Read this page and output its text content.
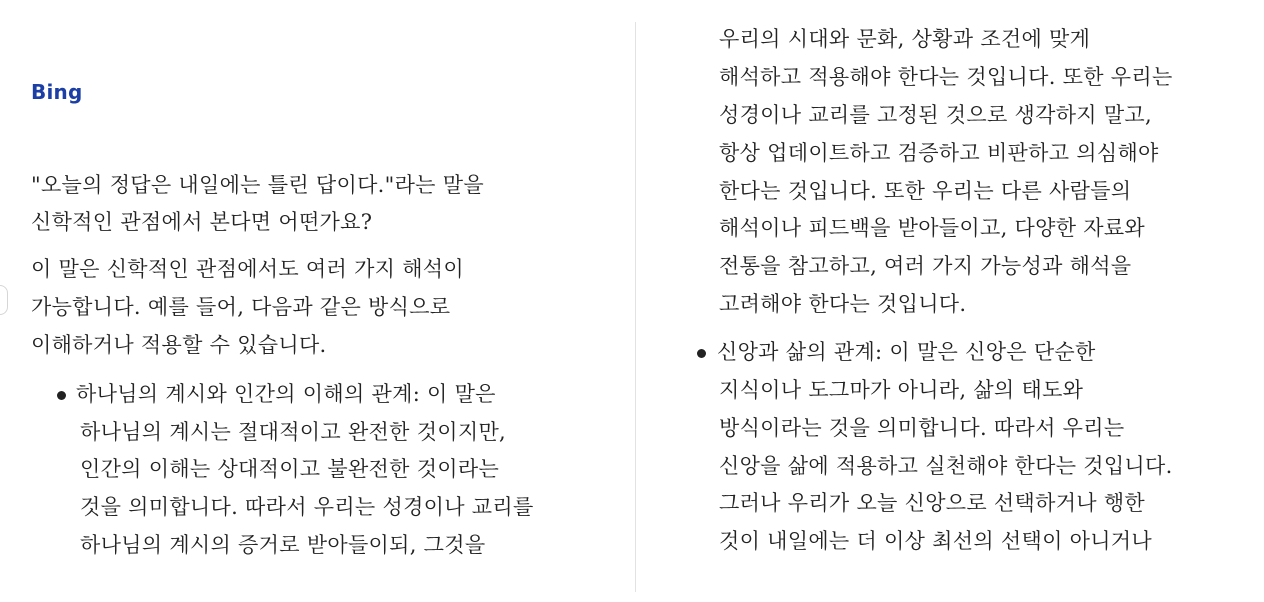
Bing
"오늘의 정답은 내일에는 틀린 답이다."라는 말을
신학적인 관점에서 본다면 어떤가요?
이 말은 신학적인 관점에서도 여러 가지 해석이
가능합니다. 예를 들어, 다음과 같은 방식으로
이해하거나 적용할 수 있습니다.
하나님의 계시와 인간의 이해의 관계: 이 말은
하나님의 계시는 절대적이고 완전한 것이지만,
인간의 이해는 상대적이고 불완전한 것이라는
것을 의미합니다. 따라서 우리는 성경이나 교리를
하나님의 계시의 증거로 받아들이되, 그것을
우리의 시대와 문화, 상황과 조건에 맞게
해석하고 적용해야 한다는 것입니다. 또한 우리는
성경이나 교리를 고정된 것으로 생각하지 말고,
항상 업데이트하고 검증하고 비판하고 의심해야
한다는 것입니다. 또한 우리는 다른 사람들의
해석이나 피드백을 받아들이고, 다양한 자료와
전통을 참고하고, 여러 가지 가능성과 해석을
고려해야 한다는 것입니다.
신앙과 삶의 관계: 이 말은 신앙은 단순한
지식이나 도그마가 아니라, 삶의 태도와
방식이라는 것을 의미합니다. 따라서 우리는
신앙을 삶에 적용하고 실천해야 한다는 것입니다.
그러나 우리가 오늘 신앙으로 선택하거나 행한
것이 내일에는 더 이상 최선의 선택이 아니거나
